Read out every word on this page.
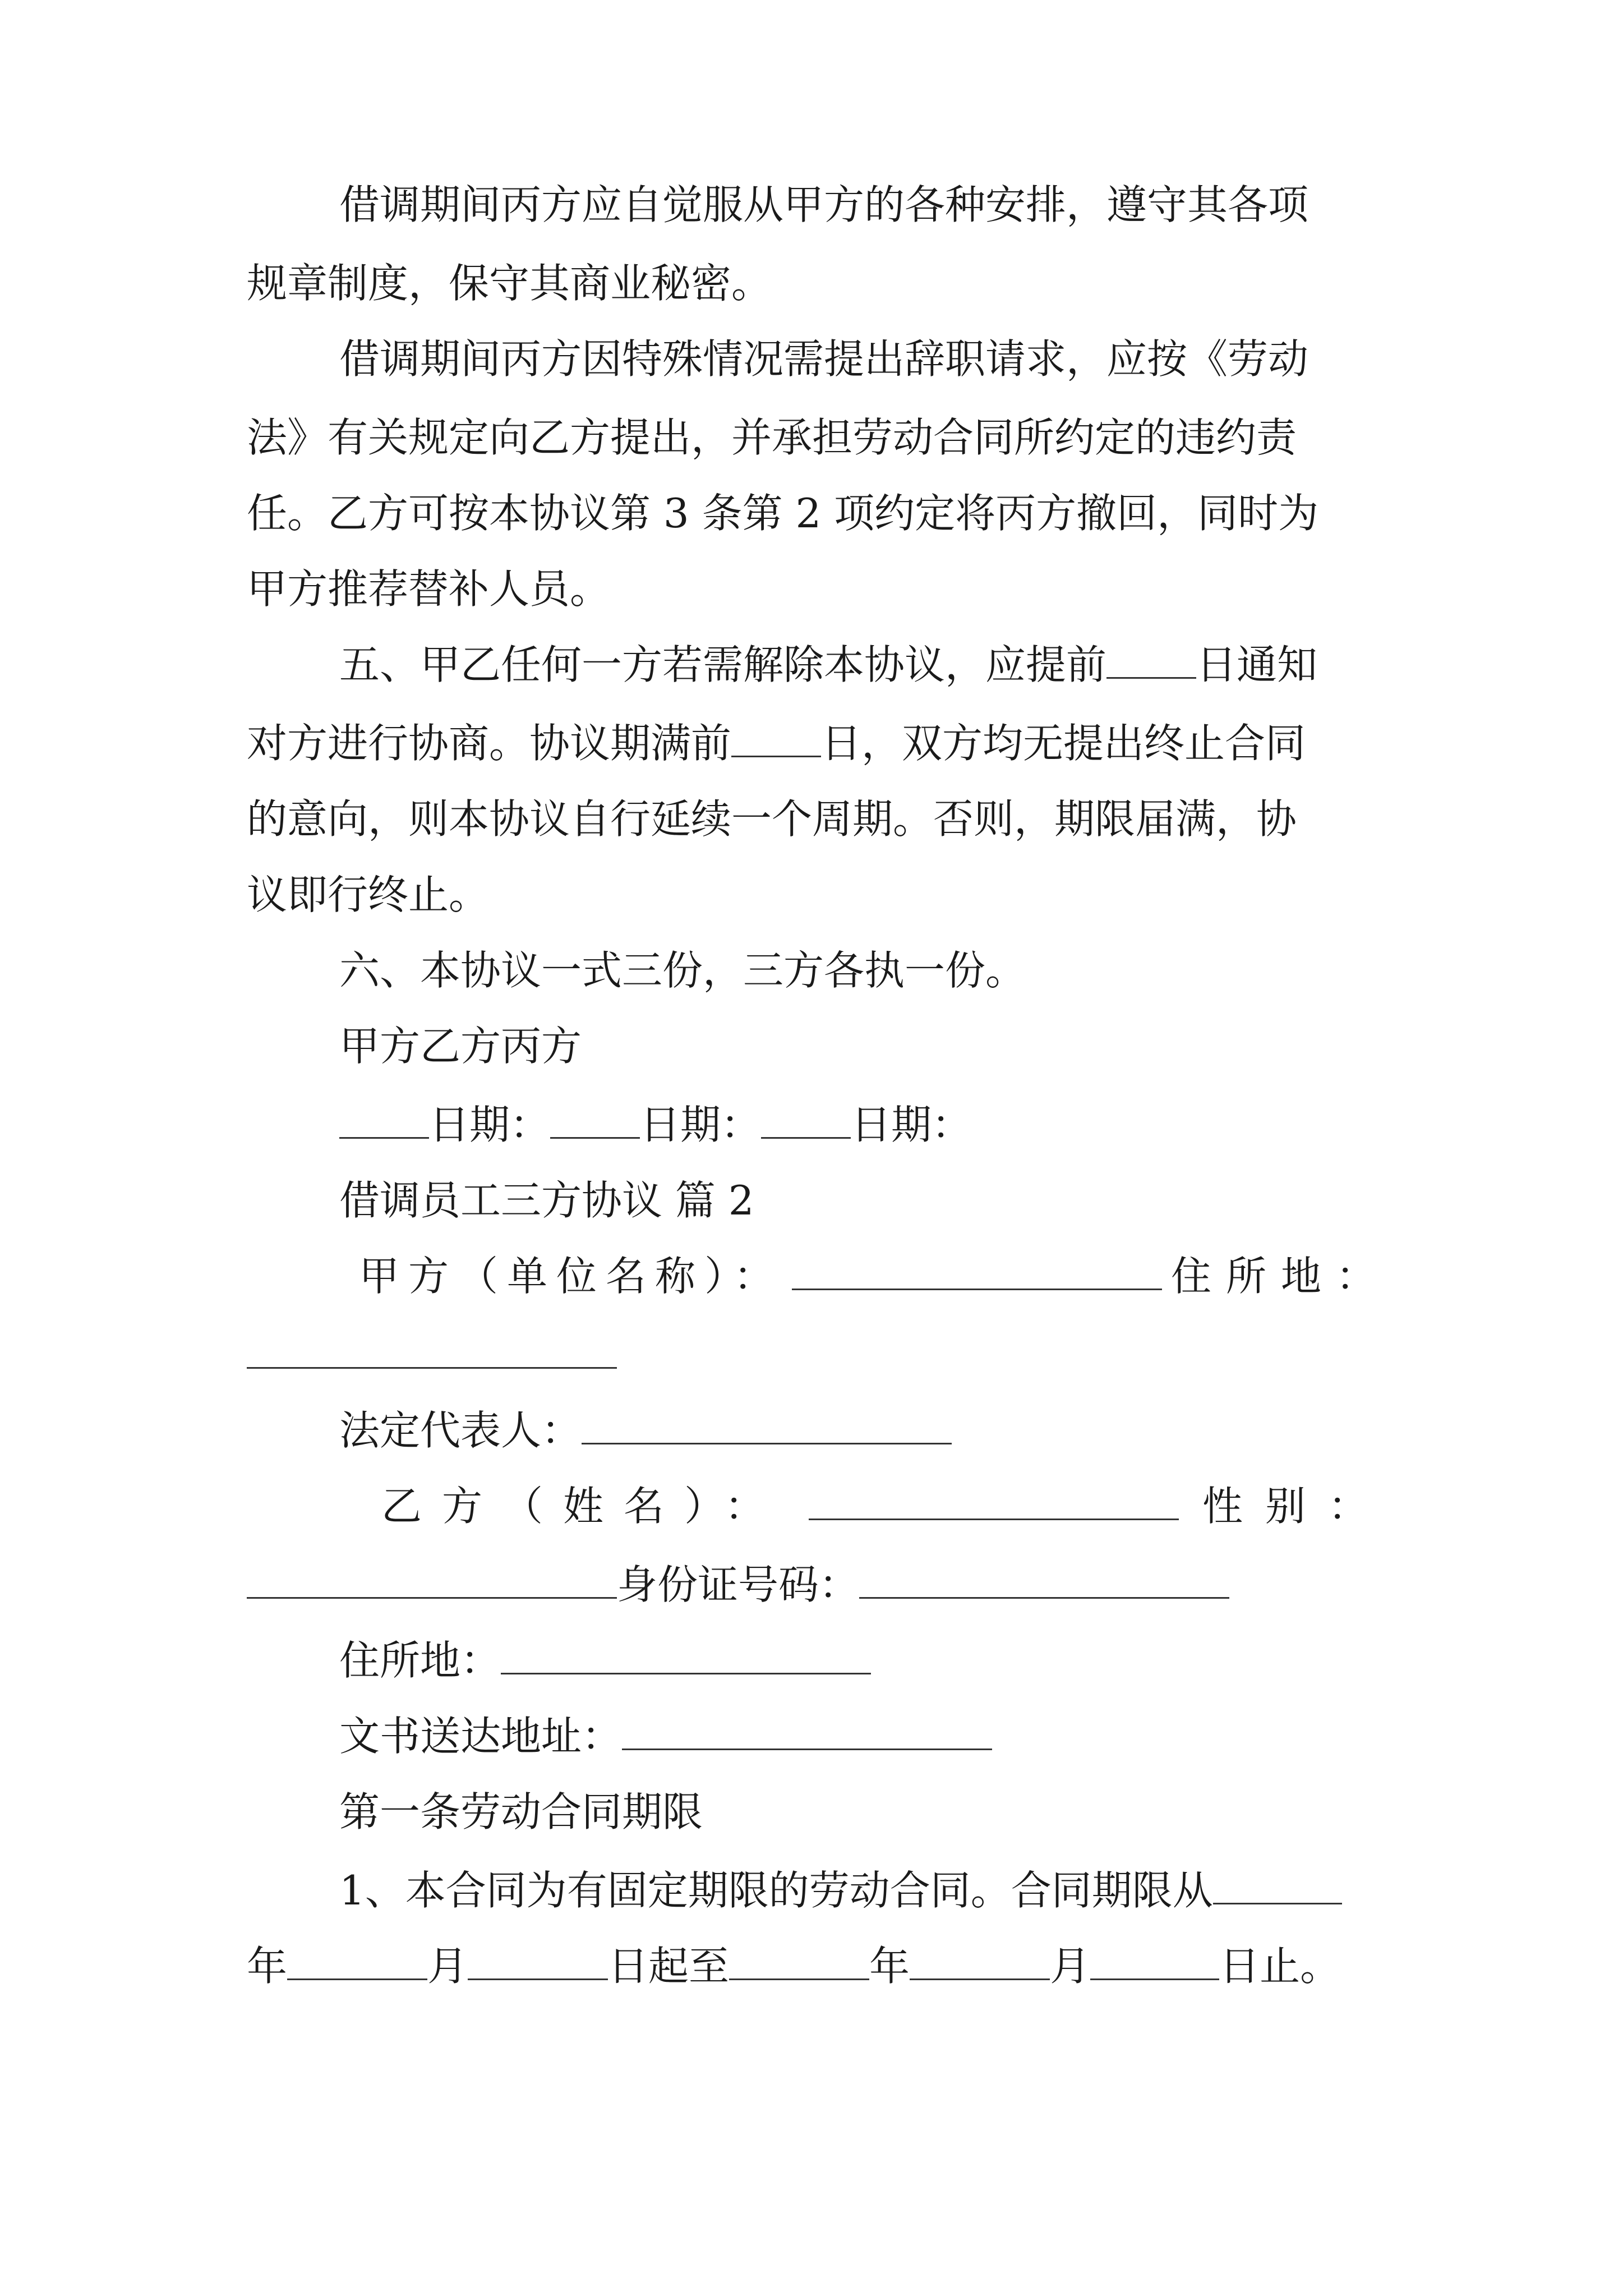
借调期间丙方应自觉服从甲方的各种安排，遵守其各项
规章制度，保守其商业秘密。
借调期间丙方因特殊情况需提出辞职请求，应按《劳动
法》有关规定向乙方提出，并承担劳动合同所约定的违约责
任。乙方可按本协议第 3 条第 2 项约定将丙方撤回，同时为
甲方推荐替补人员。
五、甲乙任何一方若需解除本协议，应提前 日通知
对方进行协商。协议期满前 日，双方均无提出终止合同
的意向，则本协议自行延续一个周期。否则，期限届满，协
议即行终止。
六、本协议一式三份，三方各执一份。
甲方乙方丙方
日期： 日期： 日期：
借调员工三方协议 篇 2
甲方（单位名称）：	住所地：
法定代表人：
乙方（姓名）：	性别：
身份证号码：
住所地：
文书送达地址：
第一条劳动合同期限
1、本合同为有固定期限的劳动合同。合同期限从
年	月	日起至	年	月	日止。
